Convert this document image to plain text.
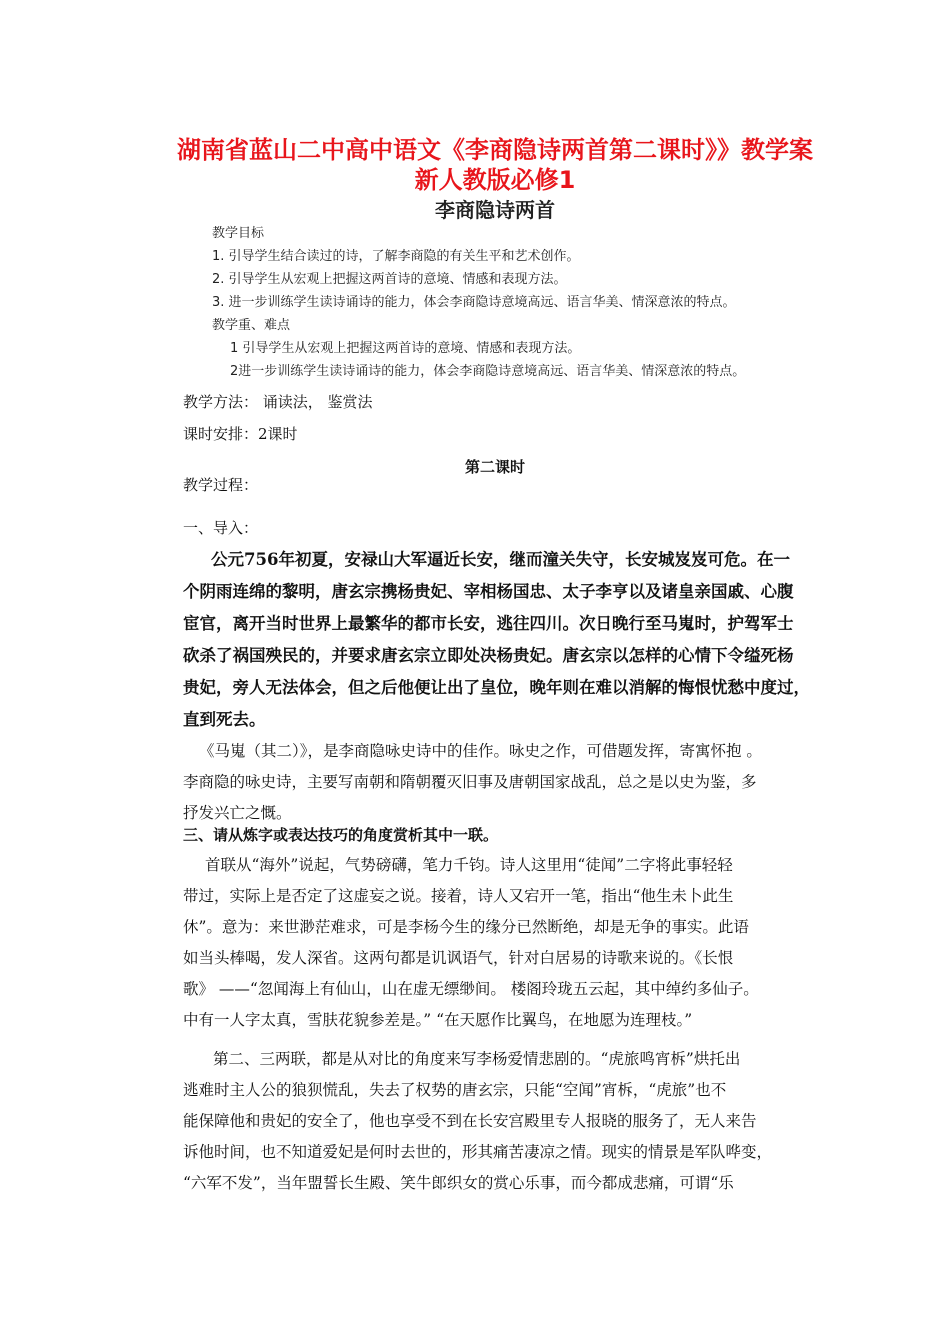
湖南省蓝山二中高中语文《李商隐诗两首第二课时》》教学案
新人教版必修1
李商隐诗两首
教学目标
1. 引导学生结合读过的诗，了解李商隐的有关生平和艺术创作。
2. 引导学生从宏观上把握这两首诗的意境、情感和表现方法。
3. 进一步训练学生读诗诵诗的能力，体会李商隐诗意境高远、语言华美、情深意浓的特点。
教学重、难点
1 引导学生从宏观上把握这两首诗的意境、情感和表现方法。
2进一步训练学生读诗诵诗的能力，体会李商隐诗意境高远、语言华美、情深意浓的特点。
教学方法： 诵读法， 鉴赏法
课时安排：2课时
第二课时
教学过程：
一、导入：

公元756年初夏，安禄山大军逼近长安，继而潼关失守，长安城岌岌可危。在一

个阴雨连绵的黎明，唐玄宗携杨贵妃、宰相杨国忠、太子李亨以及诸皇亲国戚、心腹

宦官，离开当时世界上最繁华的都市长安，逃往四川。次日晚行至马嵬时，护驾军士

砍杀了祸国殃民的，并要求唐玄宗立即处决杨贵妃。唐玄宗以怎样的心情下令缢死杨

贵妃，旁人无法体会，但之后他便让出了皇位，晚年则在难以消解的悔恨忧愁中度过，

直到死去。

《马嵬（其二）》，是李商隐咏史诗中的佳作。咏史之作，可借题发挥，寄寓怀抱 。

李商隐的咏史诗，主要写南朝和隋朝覆灭旧事及唐朝国家战乱，总之是以史为鉴，多

抒发兴亡之慨。

三、请从炼字或表达技巧的角度赏析其中一联。

首联从“海外”说起，气势磅礴，笔力千钧。诗人这里用“徒闻”二字将此事轻轻

带过，实际上是否定了这虚妄之说。接着，诗人又宕开一笔，指出“他生未卜此生

休”。意为：来世渺茫难求，可是李杨今生的缘分已然断绝，却是无争的事实。此语

如当头棒喝，发人深省。这两句都是讥讽语气，针对白居易的诗歌来说的。《长恨

歌》 ——“忽闻海上有仙山，山在虚无缥缈间。 楼阁玲珑五云起，其中绰约多仙子。

中有一人字太真，雪肤花貌参差是。” “在天愿作比翼鸟，在地愿为连理枝。”

第二、三两联，都是从对比的角度来写李杨爱情悲剧的。“虎旅鸣宵柝”烘托出

逃难时主人公的狼狈慌乱，失去了权势的唐玄宗，只能“空闻”宵柝，“虎旅”也不

能保障他和贵妃的安全了，他也享受不到在长安宫殿里专人报晓的服务了，无人来告

诉他时间，也不知道爱妃是何时去世的，形其痛苦凄凉之情。现实的情景是军队哗变，

“六军不发”，当年盟誓长生殿、笑牛郎织女的赏心乐事，而今都成悲痛，可谓“乐
